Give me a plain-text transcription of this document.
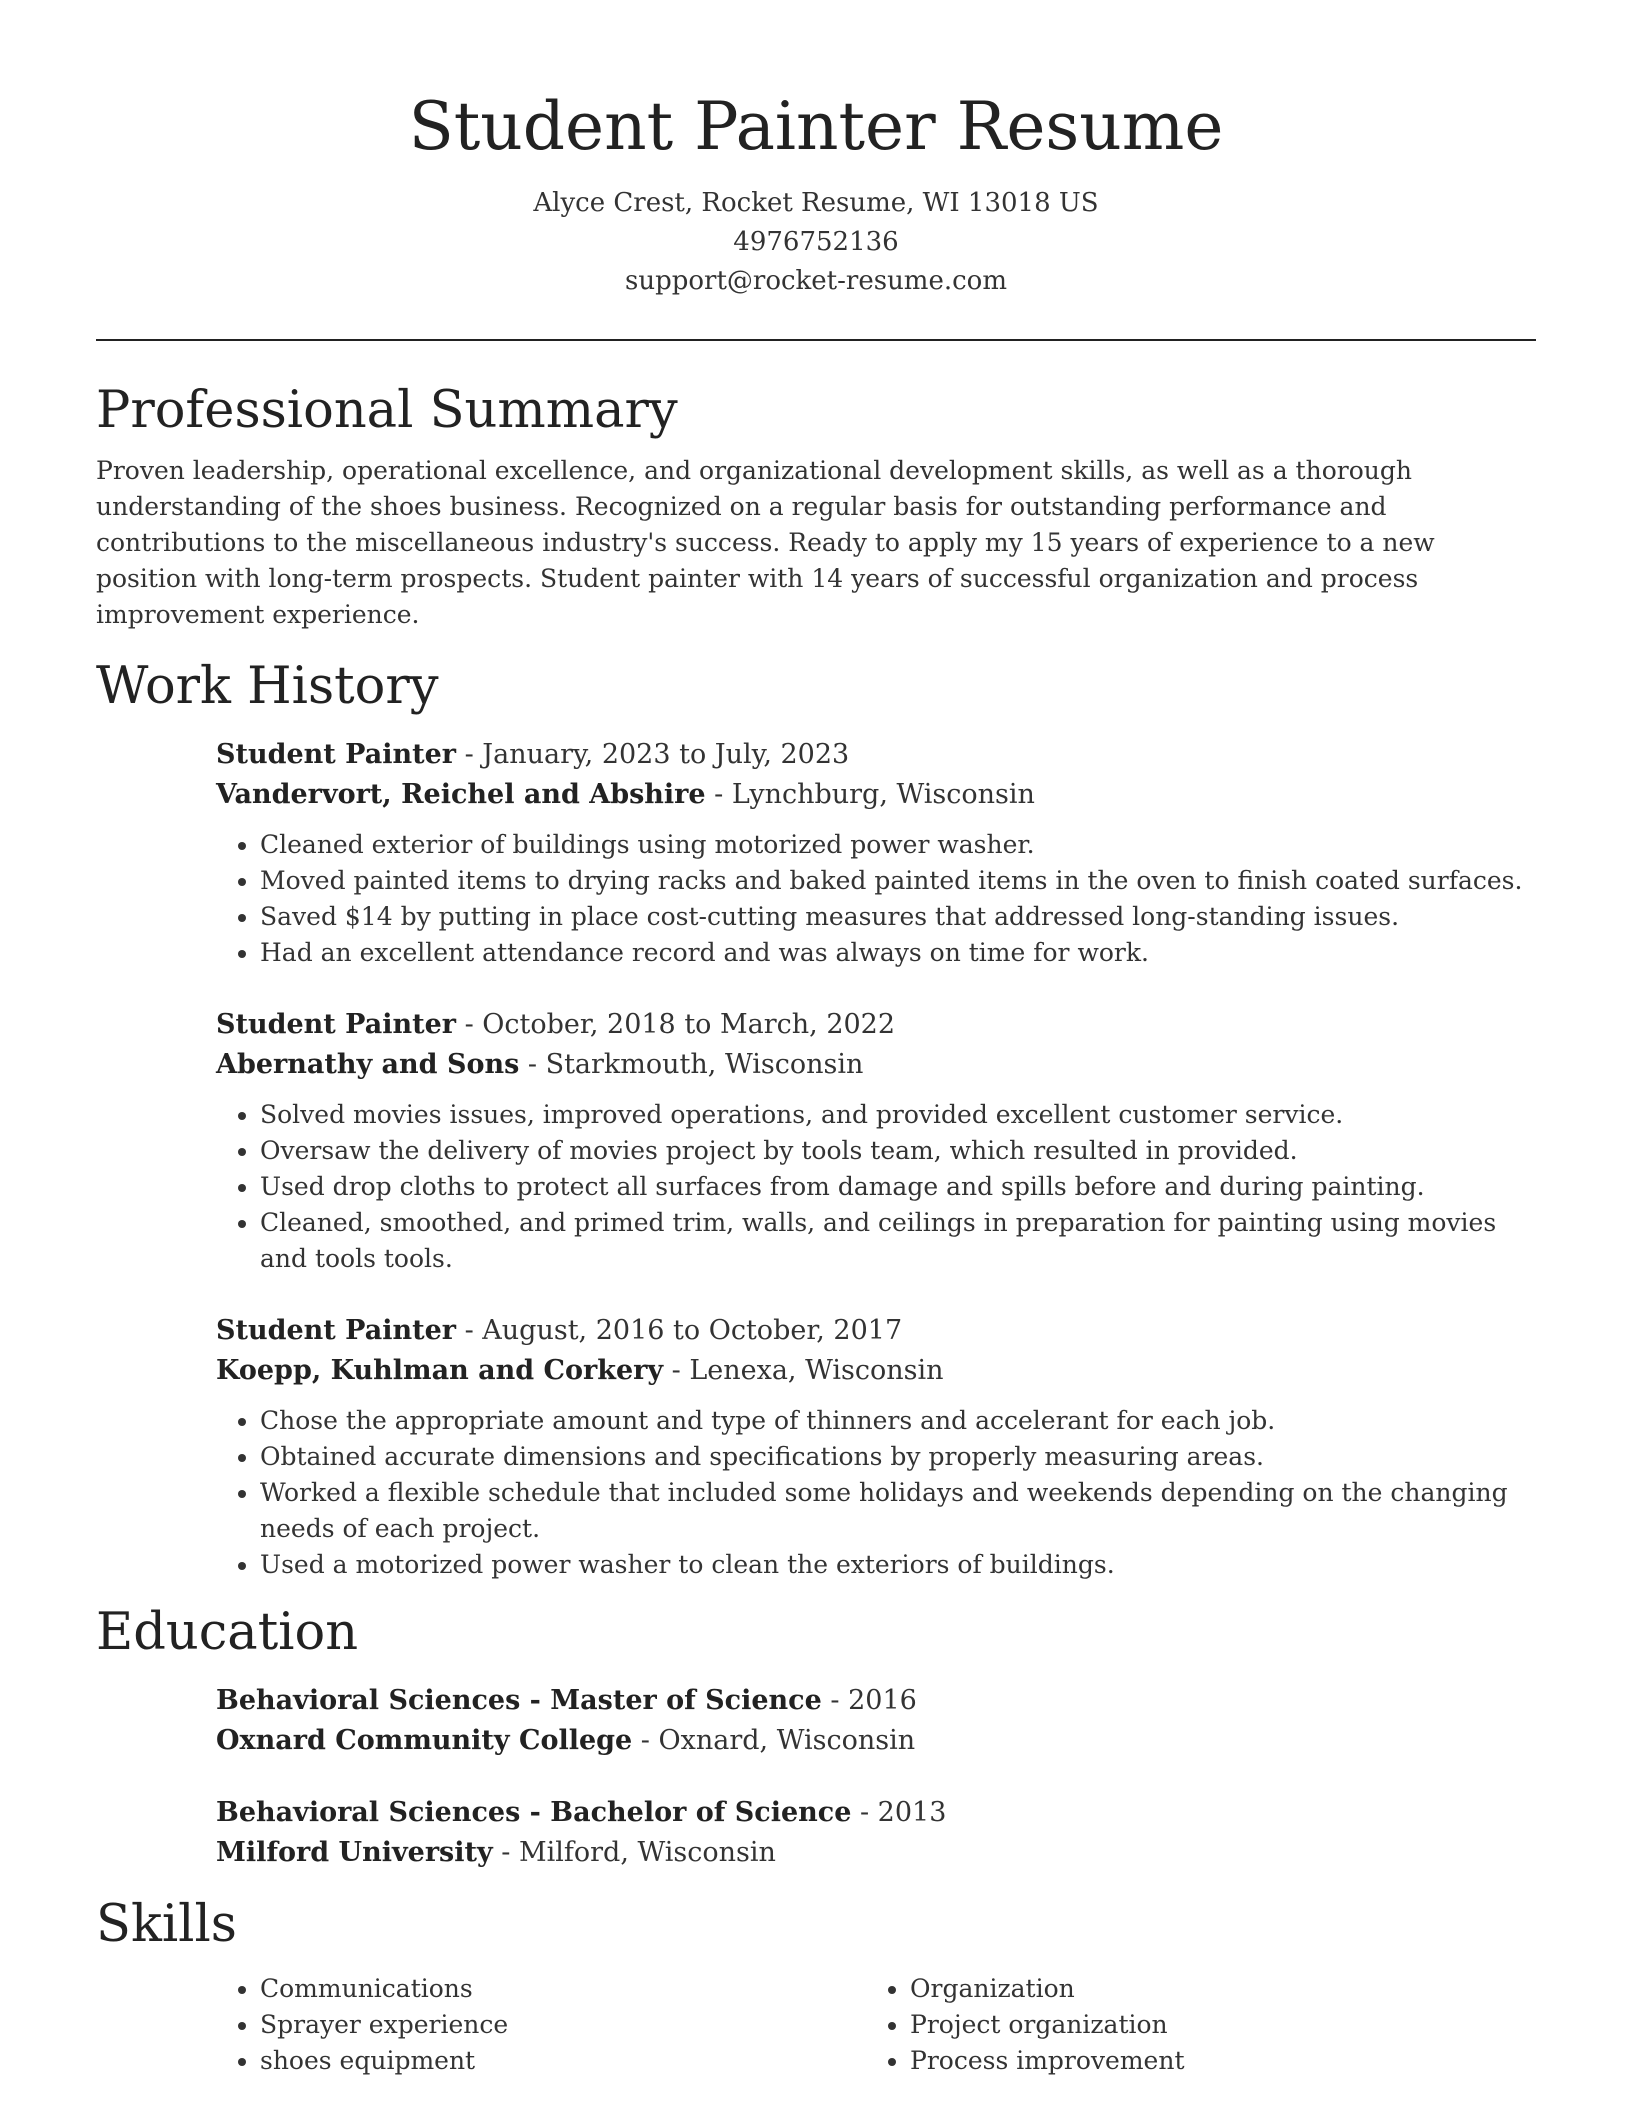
Student Painter Resume
Alyce Crest, Rocket Resume, WI 13018 US
4976752136
support@rocket-resume.com
Professional Summary

Proven leadership, operational excellence, and organizational development skills, as well as a thorough understanding of the shoes business. Recognized on a regular basis for outstanding performance and contributions to the miscellaneous industry's success. Ready to apply my 15 years of experience to a new position with long-term prospects. Student painter with 14 years of successful organization and process improvement experience.

Work History
Student Painter - January, 2023 to July, 2023
Vandervort, Reichel and Abshire - Lynchburg, Wisconsin
• Cleaned exterior of buildings using motorized power washer.
• Moved painted items to drying racks and baked painted items in the oven to finish coated surfaces.
• Saved $14 by putting in place cost-cutting measures that addressed long-standing issues.
• Had an excellent attendance record and was always on time for work.
Student Painter - October, 2018 to March, 2022
Abernathy and Sons - Starkmouth, Wisconsin
• Solved movies issues, improved operations, and provided excellent customer service.
• Oversaw the delivery of movies project by tools team, which resulted in provided.
• Used drop cloths to protect all surfaces from damage and spills before and during painting.
• Cleaned, smoothed, and primed trim, walls, and ceilings in preparation for painting using movies and tools tools.
Student Painter - August, 2016 to October, 2017
Koepp, Kuhlman and Corkery - Lenexa, Wisconsin
• Chose the appropriate amount and type of thinners and accelerant for each job.
• Obtained accurate dimensions and specifications by properly measuring areas.
• Worked a flexible schedule that included some holidays and weekends depending on the changing needs of each project.
• Used a motorized power washer to clean the exteriors of buildings.
Education
Behavioral Sciences - Master of Science - 2016
Oxnard Community College - Oxnard, Wisconsin
Behavioral Sciences - Bachelor of Science - 2013
Milford University - Milford, Wisconsin
Skills
• Communications
• Sprayer experience
• shoes equipment
• Organization
• Project organization
• Process improvement
